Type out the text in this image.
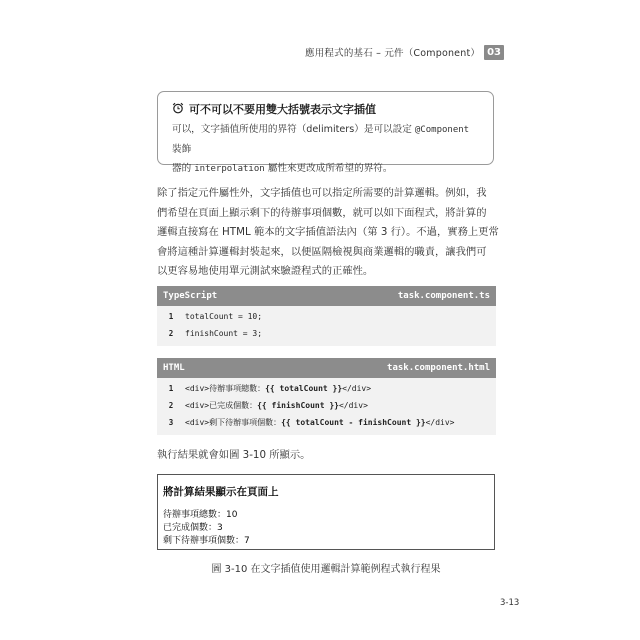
應用程式的基石 – 元件（Component） 03
可不可以不要用雙大括號表示文字插值
可以，文字插值所使用的界符（delimiters）是可以設定 @Component 裝飾
器的 interpolation 屬性來更改成所希望的界符。
除了指定元件屬性外，文字插值也可以指定所需要的計算邏輯。例如，我
們希望在頁面上顯示剩下的待辦事項個數，就可以如下面程式，將計算的
邏輯直接寫在 HTML 範本的文字插值語法內（第 3 行）。不過，實務上更常
會將這種計算邏輯封裝起來，以便區隔檢視與商業邏輯的職責，讓我們可
以更容易地使用單元測試來驗證程式的正確性。
TypeScript	task.component.ts
1	totalCount = 10;
2	finishCount = 3;
HTML	task.component.html
1	<div>待辦事項總數：{{ totalCount }}</div>
2	<div>已完成個數：{{ finishCount }}</div>
3	<div>剩下待辦事項個數：{{ totalCount - finishCount }}</div>
執行結果就會如圖 3-10 所顯示。
將計算結果顯示在頁面上
待辦事項總數：10
已完成個數：3
剩下待辦事項個數：7
圖 3-10 在文字插值使用邏輯計算範例程式執行程果
3-13
